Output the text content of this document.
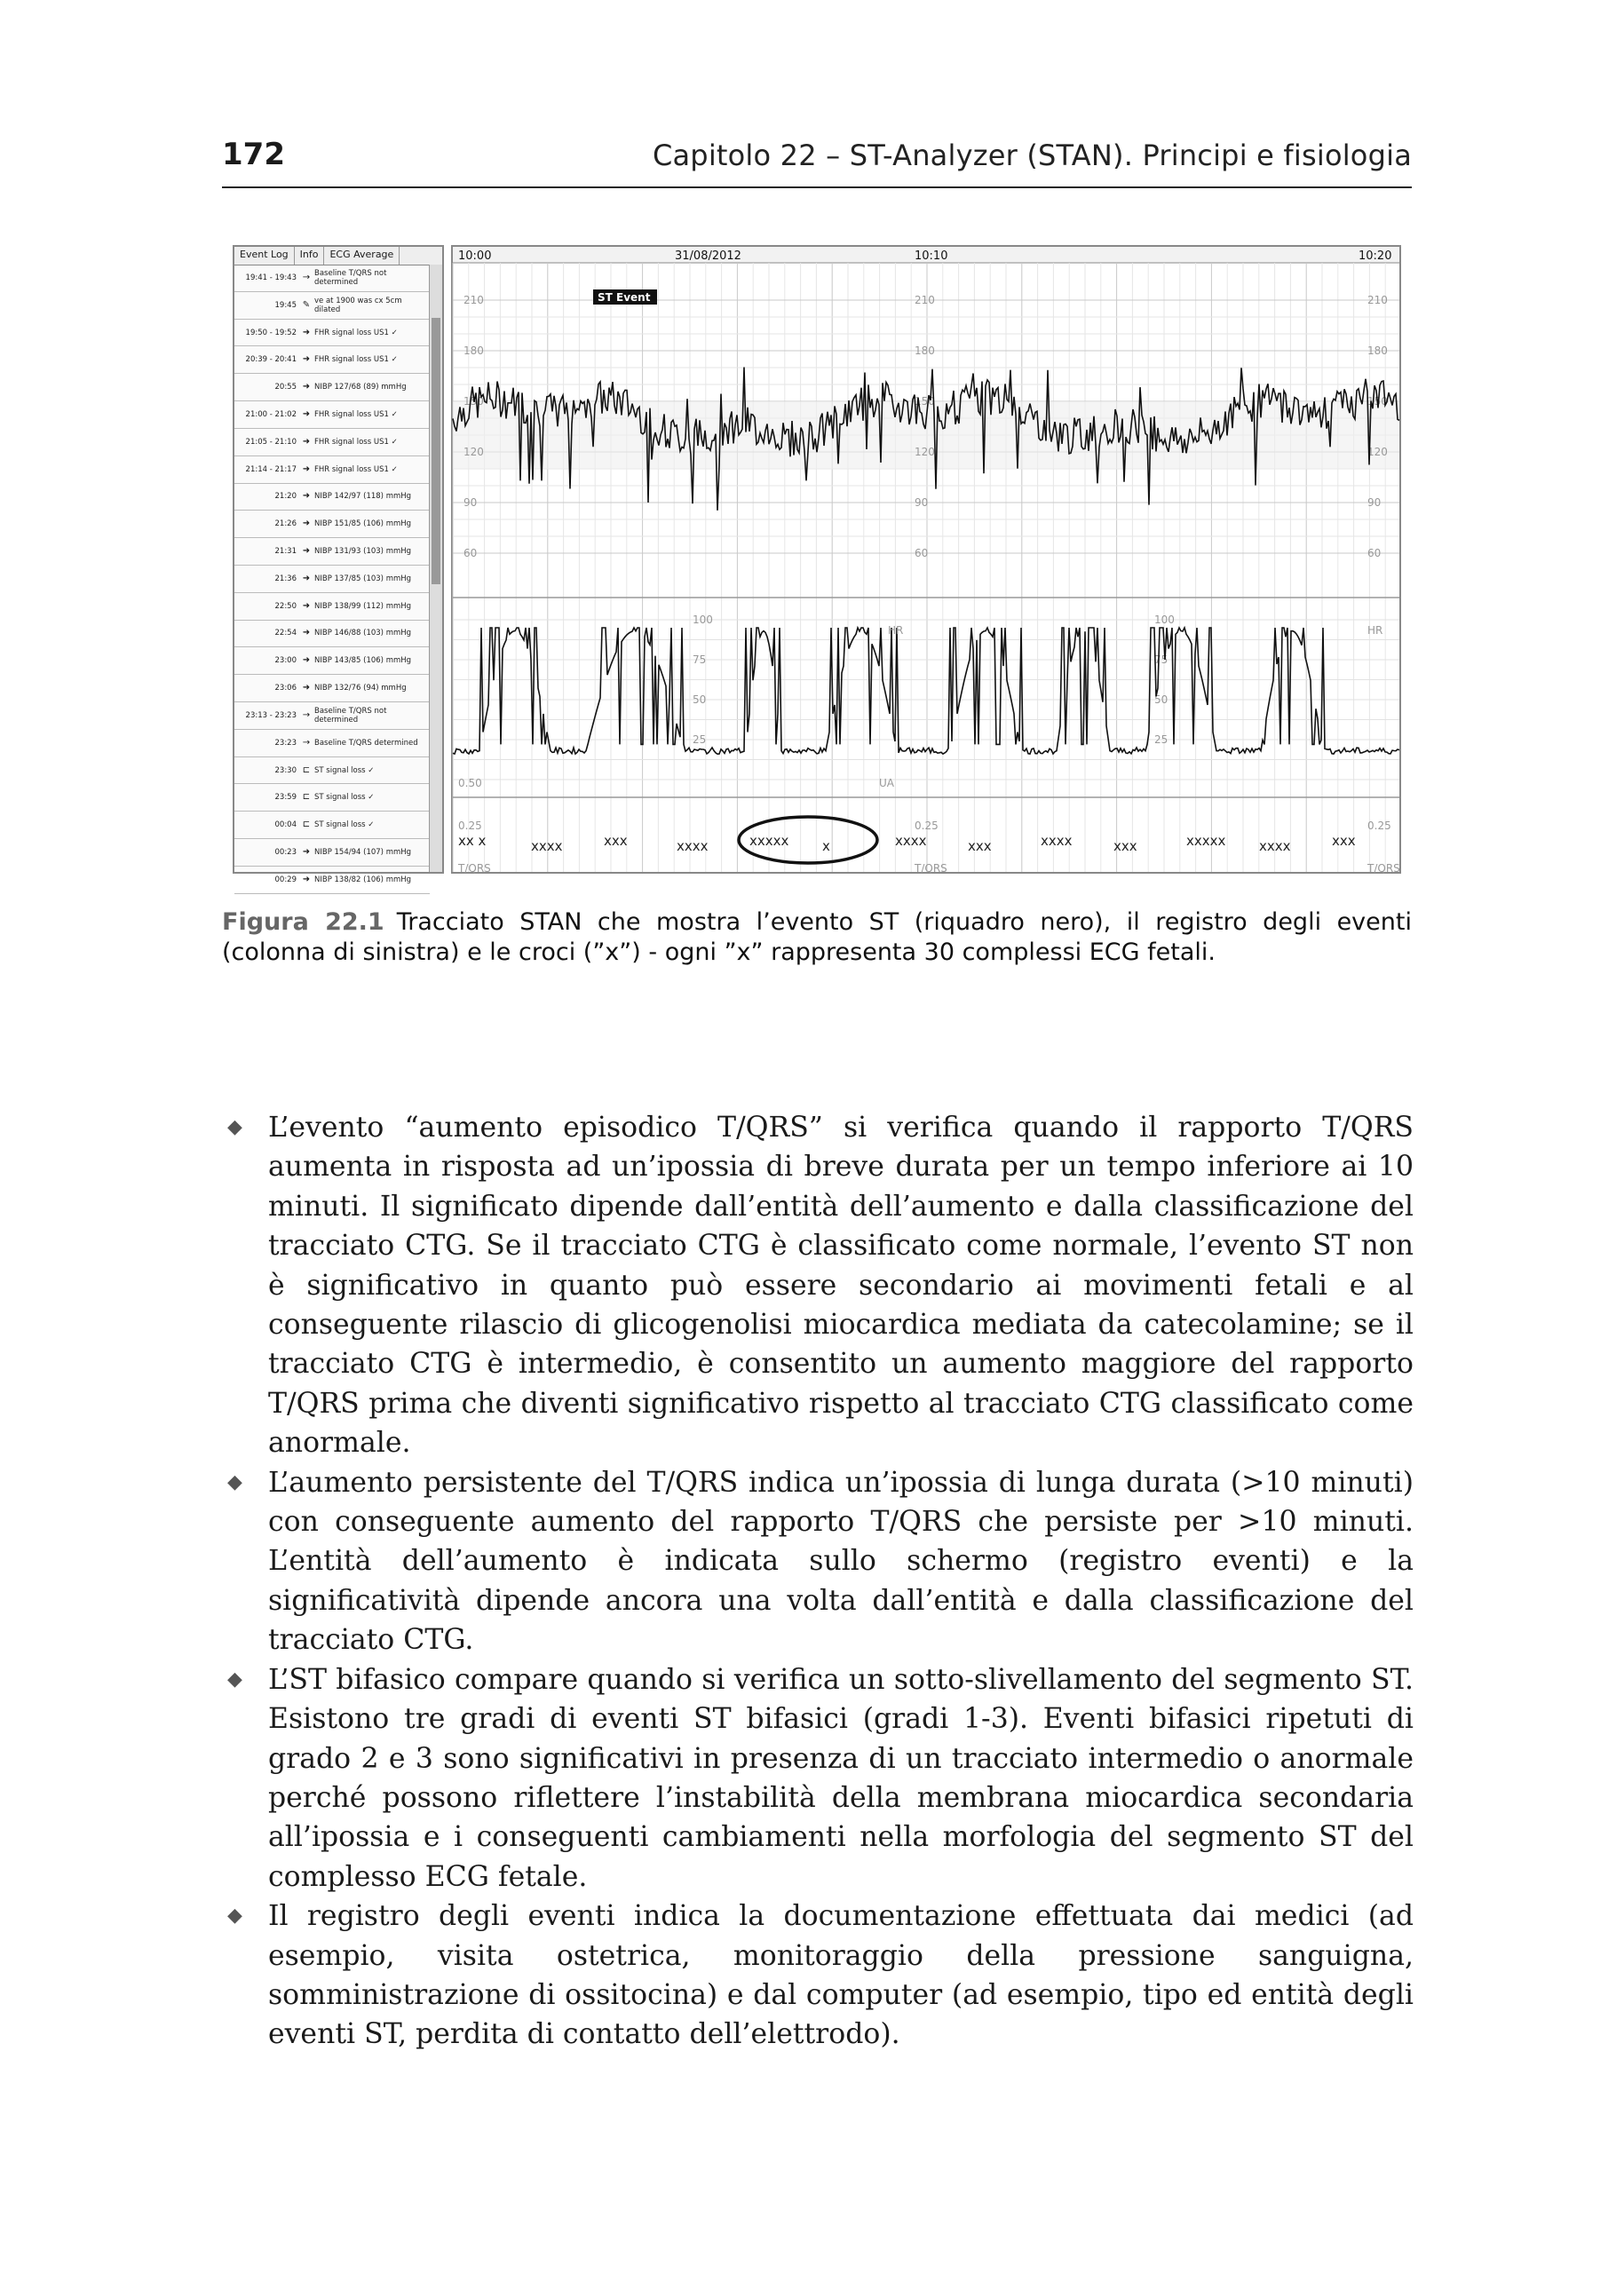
172	Capitolo 22 – ST-Analyzer (STAN). Principi e fisiologia
Event Log	Info	ECG Average
19:41 - 19:43 → Baseline T/QRS not determined
19:45 ✎ ve at 1900 was cx 5cm dilated
19:50 - 19:52 ➜ FHR signal loss US1 ✓
20:39 - 20:41 ➜ FHR signal loss US1 ✓
20:55 ➜ NIBP 127/68 (89) mmHg
21:00 - 21:02 ➜ FHR signal loss US1 ✓
21:05 - 21:10 ➜ FHR signal loss US1 ✓
21:14 - 21:17 ➜ FHR signal loss US1 ✓
21:20 ➜ NIBP 142/97 (118) mmHg
21:26 ➜ NIBP 151/85 (106) mmHg
21:31 ➜ NIBP 131/93 (103) mmHg
21:36 ➜ NIBP 137/85 (103) mmHg
22:50 ➜ NIBP 138/99 (112) mmHg
22:54 ➜ NIBP 146/88 (103) mmHg
23:00 ➜ NIBP 143/85 (106) mmHg
23:06 ➜ NIBP 132/76 (94) mmHg
23:13 - 23:23 → Baseline T/QRS not determined
23:23 → Baseline T/QRS determined
23:30 ⊏ ST signal loss ✓
23:59 ⊏ ST signal loss ✓
00:04 ⊏ ST signal loss ✓
00:23 ➜ NIBP 154/94 (107) mmHg
00:29 ➜ NIBP 138/82 (106) mmHg
10:00	31/08/2012	10:10	10:20
ST Event
210
180
150
120
90
60
210
180
150
120
90
60
210
180
150
120
90
60
100
75
50
25
100
75
50
25
0.50	UA
0.25	0.25	0.25
T/QRS	T/QRS	T/QRS
HR	HR
xx x	xxxx	xxx	xxxx	xxxxx	x	xxxx	xxx	xxxx	xxx	xxxxx	xxxx	xxx
Figura 22.1 Tracciato STAN che mostra l’evento ST (riquadro nero), il registro degli eventi (colonna di sinistra) e le croci (”x”) - ogni ”x” rappresenta 30 complessi ECG fetali.
◆ L’evento “aumento episodico T/QRS” si verifica quando il rapporto T/QRS aumenta in risposta ad un’ipossia di breve durata per un tempo inferiore ai 10 minuti. Il significato dipende dall’entità dell’aumento e dalla classificazione del tracciato CTG. Se il tracciato CTG è classificato come normale, l’evento ST non è significativo in quanto può essere secondario ai movimenti fetali e al conseguente rilascio di glicogenolisi miocardica mediata da catecolamine; se il tracciato CTG è intermedio, è consentito un aumento maggiore del rapporto T/QRS prima che diventi significativo rispetto al tracciato CTG classificato come anormale.
◆ L’aumento persistente del T/QRS indica un’ipossia di lunga durata (>10 minuti) con conseguente aumento del rapporto T/QRS che persiste per >10 minuti. L’entità dell’aumento è indicata sullo schermo (registro eventi) e la significatività dipende ancora una volta dall’entità e dalla classificazione del tracciato CTG.
◆ L’ST bifasico compare quando si verifica un sotto-slivellamento del segmento ST. Esistono tre gradi di eventi ST bifasici (gradi 1-3). Eventi bifasici ripetuti di grado 2 e 3 sono significativi in presenza di un tracciato intermedio o anormale perché possono riflettere l’instabilità della membrana miocardica secondaria all’ipossia e i conseguenti cambiamenti nella morfologia del segmento ST del complesso ECG fetale.
◆ Il registro degli eventi indica la documentazione effettuata dai medici (ad esempio, visita ostetrica, monitoraggio della pressione sanguigna, somministrazione di ossitocina) e dal computer (ad esempio, tipo ed entità degli eventi ST, perdita di contatto dell’elettrodo).
